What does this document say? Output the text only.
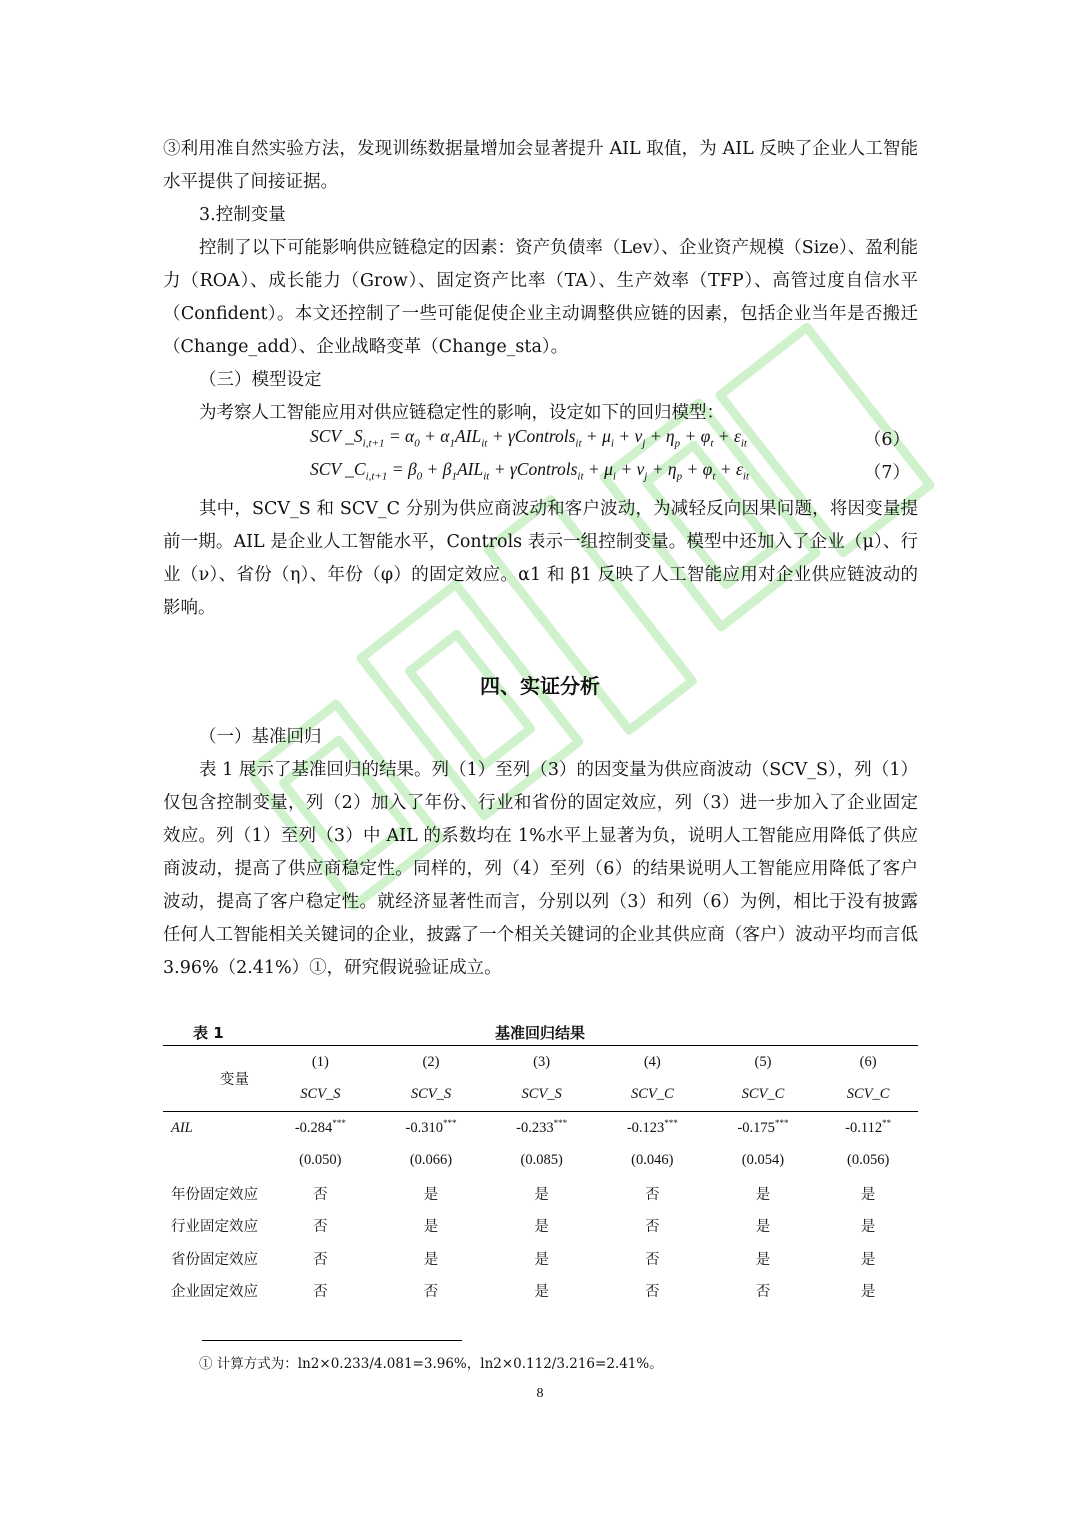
③利用准自然实验方法，发现训练数据量增加会显著提升 AIL 取值，为 AIL 反映了企业人工智能水平提供了间接证据。

3.控制变量

控制了以下可能影响供应链稳定的因素：资产负债率（Lev）、企业资产规模（Size）、盈利能力（ROA）、成长能力（Grow）、固定资产比率（TA）、生产效率（TFP）、高管过度自信水平（Confident）。本文还控制了一些可能促使企业主动调整供应链的因素，包括企业当年是否搬迁（Change_add）、企业战略变革（Change_sta）。

（三）模型设定

为考察人工智能应用对供应链稳定性的影响，设定如下的回归模型：

SCV $\_S_{i,t+1} = \alpha_0 + \alpha_1AIL_{it}$ + γControls$_{it}$ + $\mu_i + \nu_j + \eta_p + \varphi_t + \varepsilon_{it}$	（6）
SCV $\_C_{i,t+1} = \beta_0 + \beta_1AIL_{it}$ + γControls$_{it}$ + $\mu_i + \nu_j + \eta_p + \varphi_t + \varepsilon_{it}$	（7）

其中，SCV_S 和 SCV_C 分别为供应商波动和客户波动，为减轻反向因果问题，将因变量提前一期。AIL 是企业人工智能水平，Controls 表示一组控制变量。模型中还加入了企业（μ）、行业（ν）、省份（η）、年份（φ）的固定效应。α1 和 β1 反映了人工智能应用对企业供应链波动的影响。

四、实证分析

（一）基准回归

表 1 展示了基准回归的结果。列（1）至列（3）的因变量为供应商波动（SCV_S），列（1）仅包含控制变量，列（2）加入了年份、行业和省份的固定效应，列（3）进一步加入了企业固定效应。列（1）至列（3）中 AIL 的系数均在 1%水平上显著为负，说明人工智能应用降低了供应商波动，提高了供应商稳定性。同样的，列（4）至列（6）的结果说明人工智能应用降低了客户波动，提高了客户稳定性。就经济显著性而言，分别以列（3）和列（6）为例，相比于没有披露任何人工智能相关关键词的企业，披露了一个相关关键词的企业其供应商（客户）波动平均而言低 3.96%（2.41%）①，研究假说验证成立。

表 1	基准回归结果
变量	(1)	(2)	(3)	(4)	(5)	(6)
	SCV_S	SCV_S	SCV_S	SCV_C	SCV_C	SCV_C
AIL	-0.284***	-0.310***	-0.233***	-0.123***	-0.175***	-0.112**
	(0.050)	(0.066)	(0.085)	(0.046)	(0.054)	(0.056)
年份固定效应	否	是	是	否	是	是
行业固定效应	否	是	是	否	是	是
省份固定效应	否	是	是	否	是	是
企业固定效应	否	否	是	否	否	是
① 计算方式为：ln2×0.233/4.081=3.96%，ln2×0.112/3.216=2.41%。
8
